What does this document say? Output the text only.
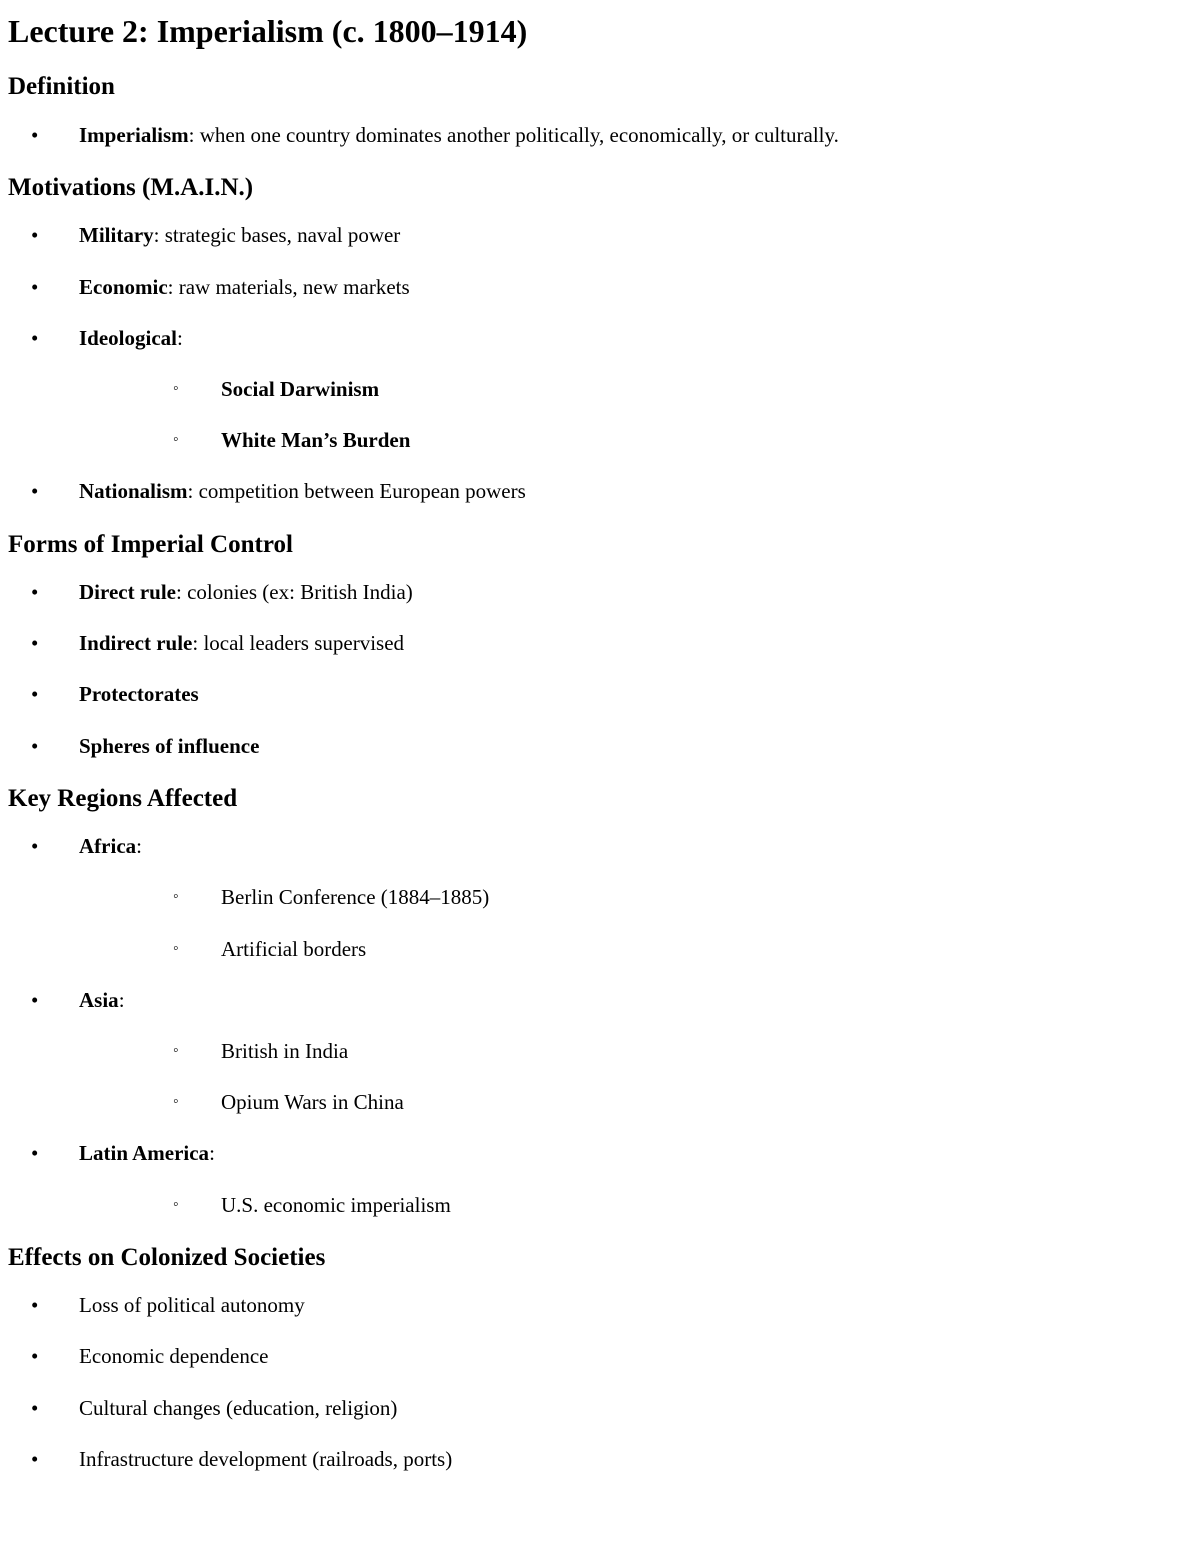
Lecture 2: Imperialism (c. 1800–1914)
Definition
• Imperialism: when one country dominates another politically, economically, or culturally.
Motivations (M.A.I.N.)
• Military: strategic bases, naval power
• Economic: raw materials, new markets
• Ideological:
◦ Social Darwinism
◦ White Man’s Burden
• Nationalism: competition between European powers
Forms of Imperial Control
• Direct rule: colonies (ex: British India)
• Indirect rule: local leaders supervised
• Protectorates
• Spheres of influence
Key Regions Affected
• Africa:
◦ Berlin Conference (1884–1885)
◦ Artificial borders
• Asia:
◦ British in India
◦ Opium Wars in China
• Latin America:
◦ U.S. economic imperialism
Effects on Colonized Societies
• Loss of political autonomy
• Economic dependence
• Cultural changes (education, religion)
• Infrastructure development (railroads, ports)
